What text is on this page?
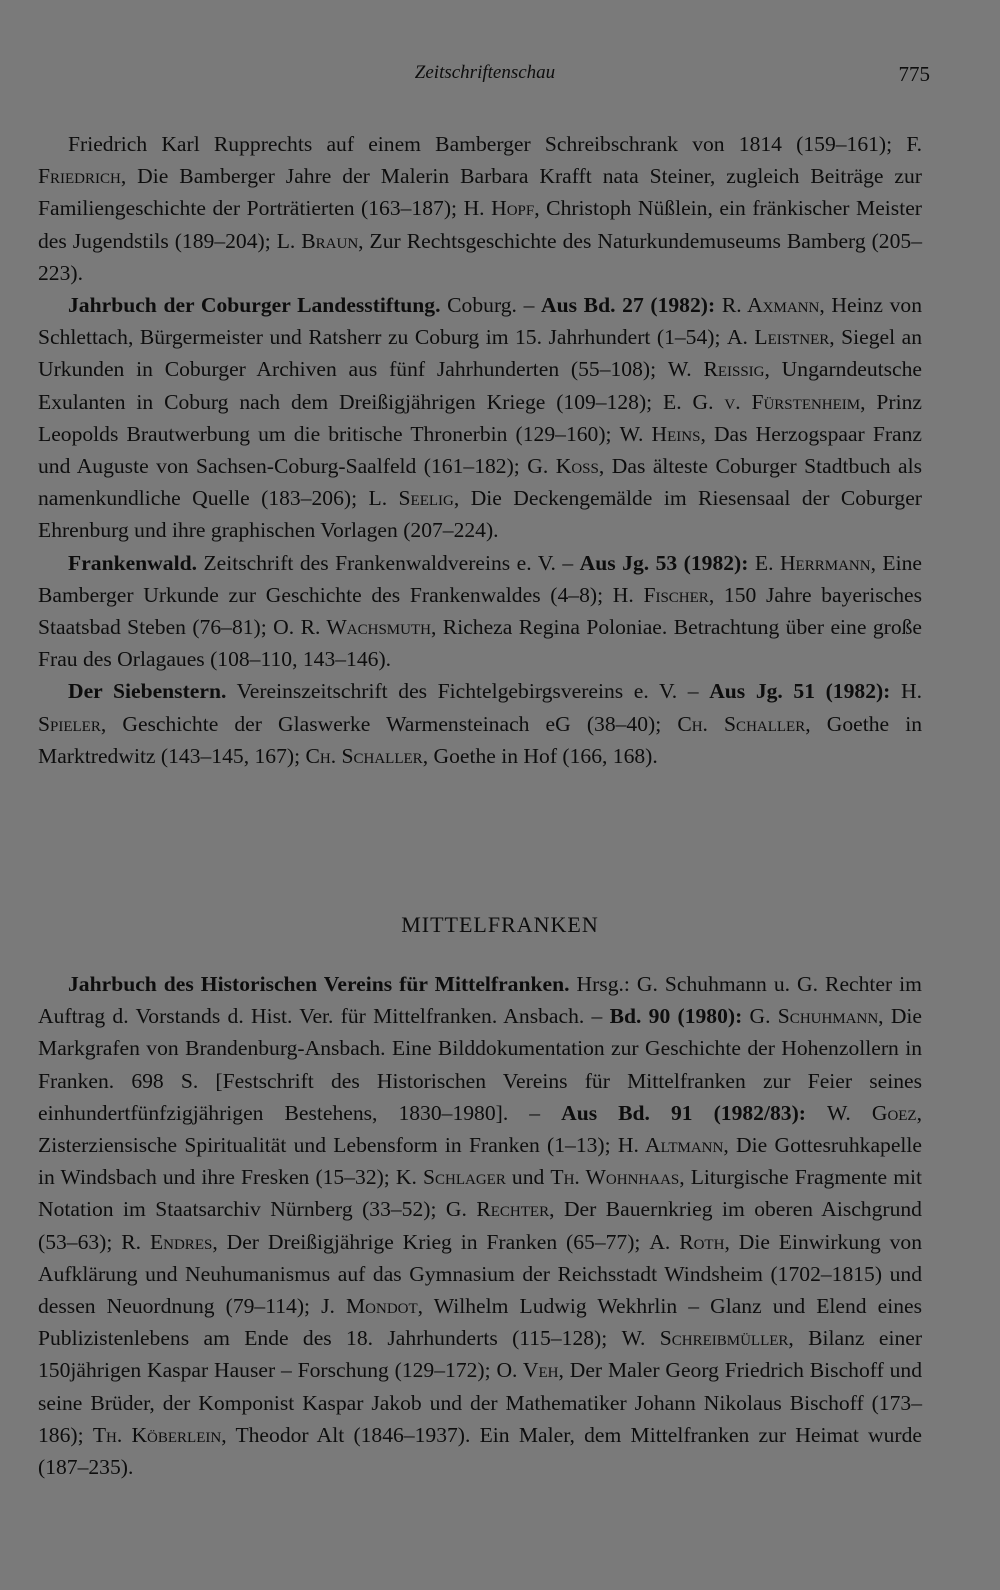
Zeitschriftenschau	775

Friedrich Karl Rupprechts auf einem Bamberger Schreibschrank von 1814 (159–161); F. Friedrich, Die Bamberger Jahre der Malerin Barbara Krafft nata Steiner, zugleich Beiträge zur Familiengeschichte der Porträtierten (163–187); H. Hopf, Christoph Nüßlein, ein fränkischer Meister des Jugendstils (189–204); L. Braun, Zur Rechtsgeschichte des Naturkundemuseums Bamberg (205–223).

Jahrbuch der Coburger Landesstiftung. Coburg. – Aus Bd. 27 (1982): R. Axmann, Heinz von Schlettach, Bürgermeister und Ratsherr zu Coburg im 15. Jahrhundert (1–54); A. Leistner, Siegel an Urkunden in Coburger Archiven aus fünf Jahrhunderten (55–108); W. Reissig, Ungarndeutsche Exulanten in Coburg nach dem Dreißigjährigen Kriege (109–128); E. G. v. Fürstenheim, Prinz Leopolds Brautwerbung um die britische Thronerbin (129–160); W. Heins, Das Herzogspaar Franz und Auguste von Sachsen-Coburg-Saalfeld (161–182); G. Koss, Das älteste Coburger Stadtbuch als namenkundliche Quelle (183–206); L. Seelig, Die Deckengemälde im Riesensaal der Coburger Ehrenburg und ihre graphischen Vorlagen (207–224).

Frankenwald. Zeitschrift des Frankenwaldvereins e. V. – Aus Jg. 53 (1982): E. Herrmann, Eine Bamberger Urkunde zur Geschichte des Frankenwaldes (4–8); H. Fischer, 150 Jahre bayerisches Staatsbad Steben (76–81); O. R. Wachsmuth, Richeza Regina Poloniae. Betrachtung über eine große Frau des Orlagaues (108–110, 143–146).

Der Siebenstern. Vereinszeitschrift des Fichtelgebirgsvereins e. V. – Aus Jg. 51 (1982): H. Spieler, Geschichte der Glaswerke Warmensteinach eG (38–40); Ch. Schaller, Goethe in Marktredwitz (143–145, 167); Ch. Schaller, Goethe in Hof (166, 168).

MITTELFRANKEN

Jahrbuch des Historischen Vereins für Mittelfranken. Hrsg.: G. Schuhmann u. G. Rechter im Auftrag d. Vorstands d. Hist. Ver. für Mittelfranken. Ansbach. – Bd. 90 (1980): G. Schuhmann, Die Markgrafen von Brandenburg-Ansbach. Eine Bilddokumentation zur Geschichte der Hohenzollern in Franken. 698 S. [Festschrift des Historischen Vereins für Mittelfranken zur Feier seines einhundertfünfzigjährigen Bestehens, 1830–1980]. – Aus Bd. 91 (1982/83): W. Goez, Zisterziensische Spiritualität und Lebensform in Franken (1–13); H. Altmann, Die Gottesruhkapelle in Windsbach und ihre Fresken (15–32); K. Schlager und Th. Wohnhaas, Liturgische Fragmente mit Notation im Staatsarchiv Nürnberg (33–52); G. Rechter, Der Bauernkrieg im oberen Aischgrund (53–63); R. Endres, Der Dreißigjährige Krieg in Franken (65–77); A. Roth, Die Einwirkung von Aufklärung und Neuhumanismus auf das Gymnasium der Reichsstadt Windsheim (1702–1815) und dessen Neuordnung (79–114); J. Mondot, Wilhelm Ludwig Wekhrlin – Glanz und Elend eines Publizistenlebens am Ende des 18. Jahrhunderts (115–128); W. Schreibmüller, Bilanz einer 150jährigen Kaspar Hauser – Forschung (129–172); O. Veh, Der Maler Georg Friedrich Bischoff und seine Brüder, der Komponist Kaspar Jakob und der Mathematiker Johann Nikolaus Bischoff (173–186); Th. Köberlein, Theodor Alt (1846–1937). Ein Maler, dem Mittelfranken zur Heimat wurde (187–235).
